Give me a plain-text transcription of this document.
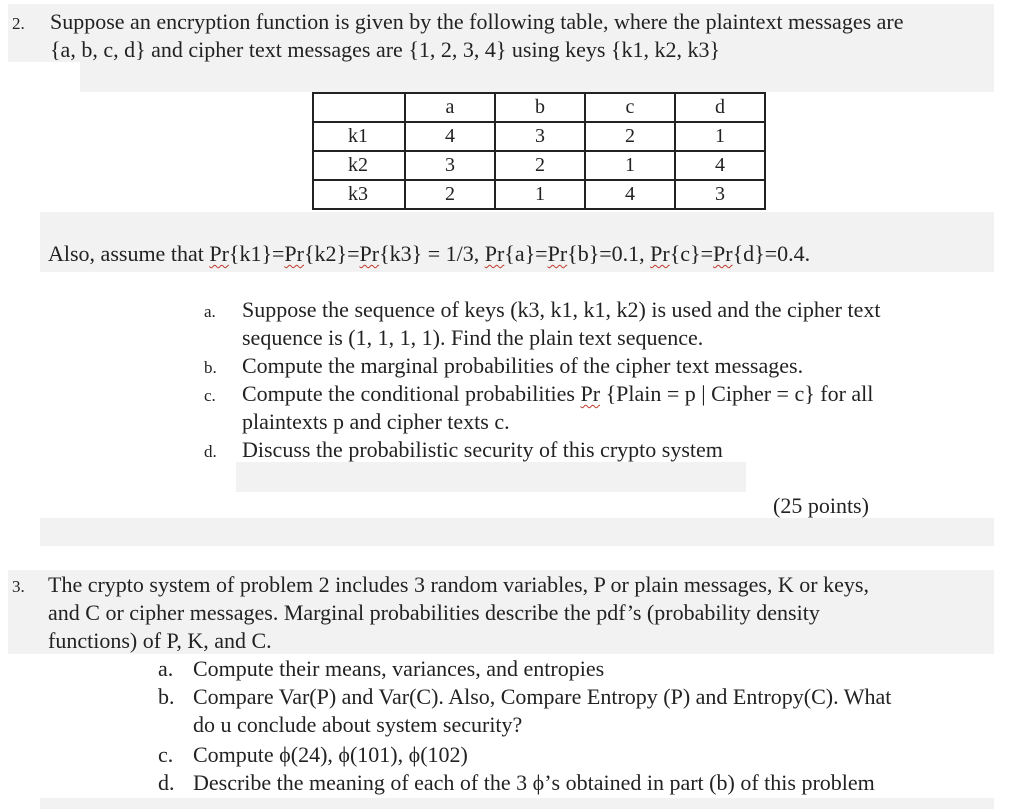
2. Suppose an encryption function is given by the following table, where the plaintext messages are
{a, b, c, d} and cipher text messages are {1, 2, 3, 4} using keys {k1, k2, k3}
	a	b	c	d
k1	4	3	2	1
k2	3	2	1	4
k3	2	1	4	3
Also, assume that Pr{k1}=Pr{k2}=Pr{k3} = 1/3, Pr{a}=Pr{b}=0.1, Pr{c}=Pr{d}=0.4.
a. Suppose the sequence of keys (k3, k1, k1, k2) is used and the cipher text
sequence is (1, 1, 1, 1). Find the plain text sequence.
b. Compute the marginal probabilities of the cipher text messages.
c. Compute the conditional probabilities Pr {Plain = p | Cipher = c} for all
plaintexts p and cipher texts c.
d. Discuss the probabilistic security of this crypto system
(25 points)
3. The crypto system of problem 2 includes 3 random variables, P or plain messages, K or keys,
and C or cipher messages. Marginal probabilities describe the pdf’s (probability density
functions) of P, K, and C.
a. Compute their means, variances, and entropies
b. Compare Var(P) and Var(C). Also, Compare Entropy (P) and Entropy(C). What
do u conclude about system security?
c. Compute ϕ(24), ϕ(101), ϕ(102)
d. Describe the meaning of each of the 3 ϕ’s obtained in part (b) of this problem
